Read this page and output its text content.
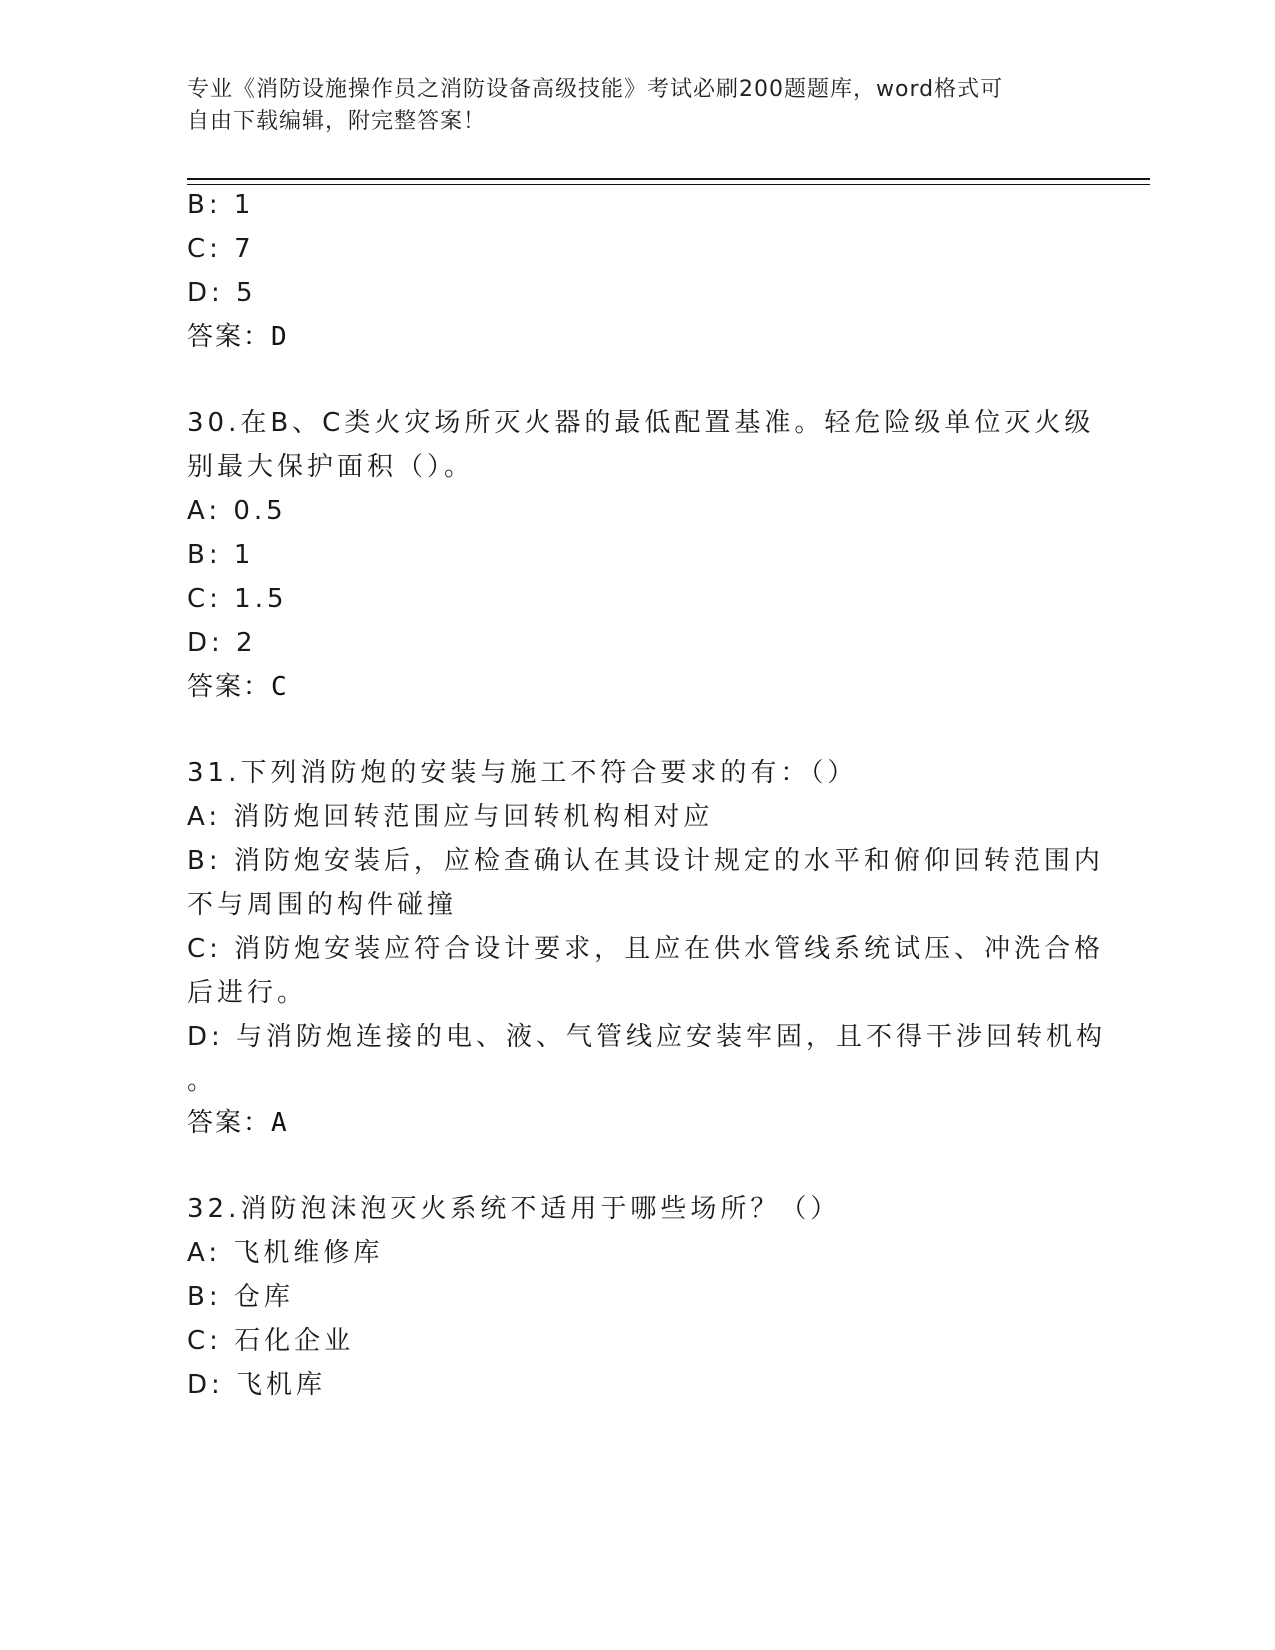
专业《消防设施操作员之消防设备高级技能》考试必刷200题题库，word格式可
自由下载编辑，附完整答案！
B: 1
C: 7
D: 5
答案：D
30.在B、C类火灾场所灭火器的最低配置基准。轻危险级单位灭火级
别最大保护面积（）。
A: 0.5
B: 1
C: 1.5
D: 2
答案：C
31.下列消防炮的安装与施工不符合要求的有：（）
A: 消防炮回转范围应与回转机构相对应
B: 消防炮安装后，应检查确认在其设计规定的水平和俯仰回转范围内
不与周围的构件碰撞
C: 消防炮安装应符合设计要求，且应在供水管线系统试压、冲洗合格
后进行。
D: 与消防炮连接的电、液、气管线应安装牢固，且不得干涉回转机构
。
答案：A
32.消防泡沫泡灭火系统不适用于哪些场所？（）
A: 飞机维修库
B: 仓库
C: 石化企业
D: 飞机库
